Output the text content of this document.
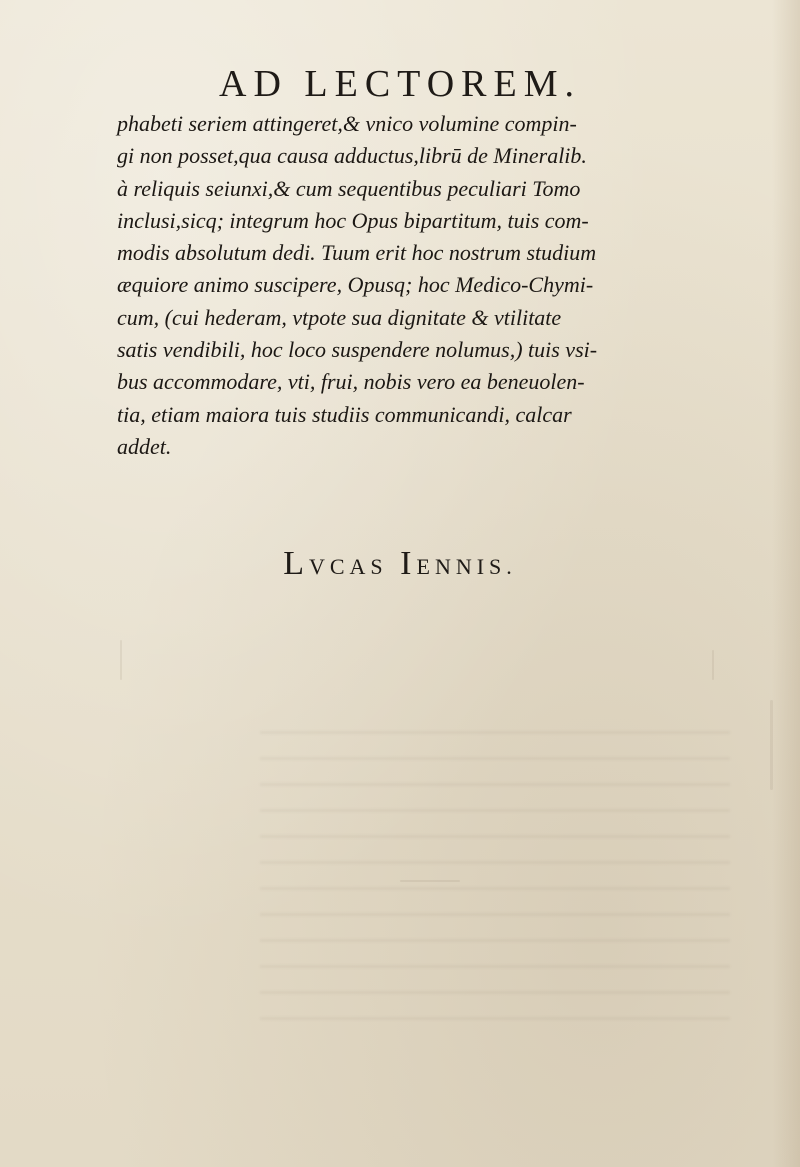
AD LECTOREM.
phabeti seriem attingeret,& vnico volumine compin-
gi non posset,qua causa adductus,librū de Mineralib.
à reliquis seiunxi,& cum sequentibus peculiari Tomo
inclusi,sicq; integrum hoc Opus bipartitum, tuis com-
modis absolutum dedi. Tuum erit hoc nostrum studium
æquiore animo suscipere, Opusq; hoc Medico-Chymi-
cum, (cui hederam, vtpote sua dignitate & vtilitate
satis vendibili, hoc loco suspendere nolumus,) tuis vsi-
bus accommodare, vti, frui, nobis vero ea beneuolen-
tia, etiam maiora tuis studiis communicandi, calcar
addet.
LVCAS IENNIS.
